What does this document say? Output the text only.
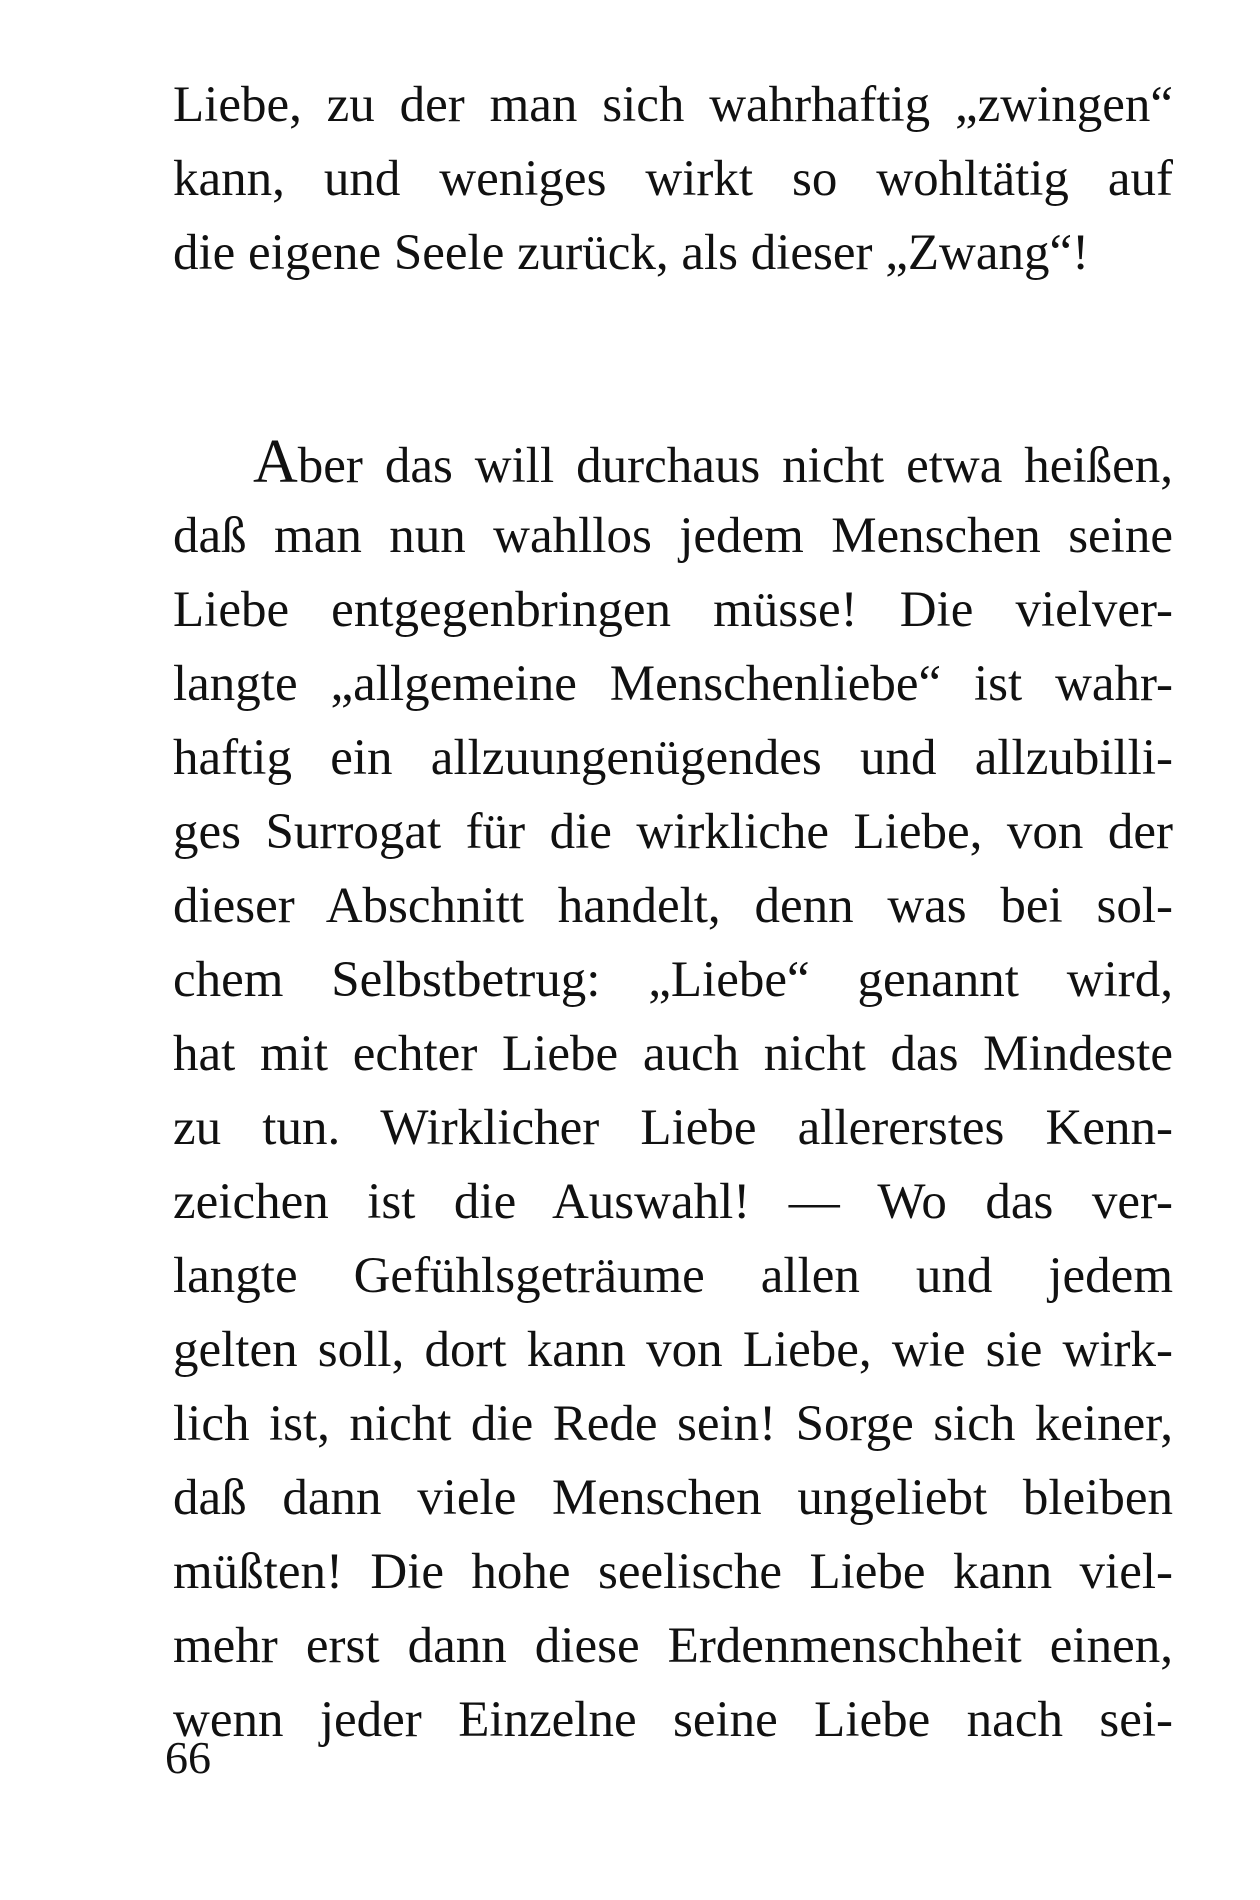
Liebe, zu der man sich wahrhaftig „zwingen“
kann, und weniges wirkt so wohltätig auf
die eigene Seele zurück, als dieser „Zwang“!
Aber das will durchaus nicht etwa heißen,
daß man nun wahllos jedem Menschen seine
Liebe entgegenbringen müsse! Die vielver-
langte „allgemeine Menschenliebe“ ist wahr-
haftig ein allzuungenügendes und allzubilli-
ges Surrogat für die wirkliche Liebe, von der
dieser Abschnitt handelt, denn was bei sol-
chem Selbstbetrug: „Liebe“ genannt wird,
hat mit echter Liebe auch nicht das Mindeste
zu tun. Wirklicher Liebe allererstes Kenn-
zeichen ist die Auswahl! — Wo das ver-
langte Gefühlsgeträume allen und jedem
gelten soll, dort kann von Liebe, wie sie wirk-
lich ist, nicht die Rede sein! Sorge sich keiner,
daß dann viele Menschen ungeliebt bleiben
müßten! Die hohe seelische Liebe kann viel-
mehr erst dann diese Erdenmenschheit einen,
wenn jeder Einzelne seine Liebe nach sei-

66
